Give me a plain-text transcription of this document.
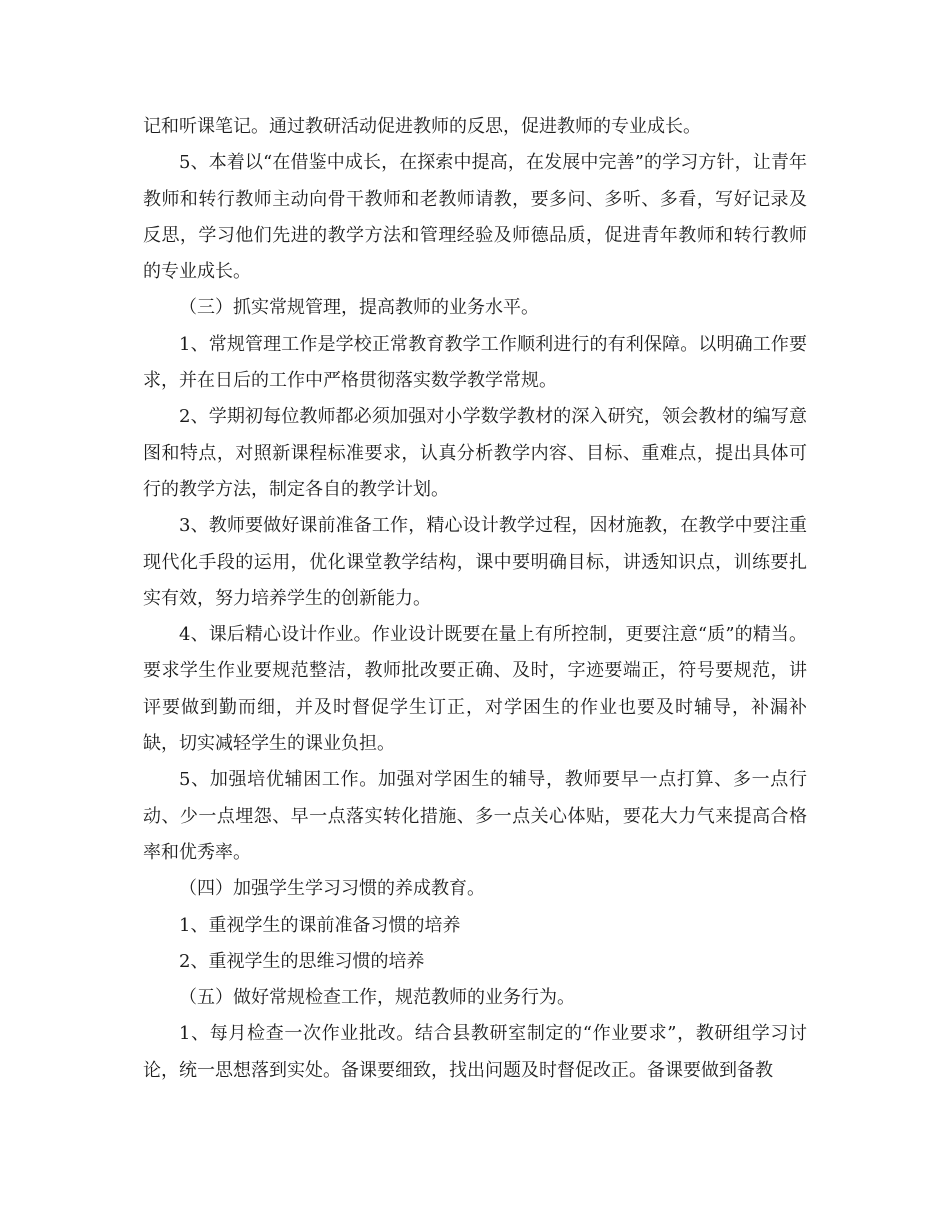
记和听课笔记。通过教研活动促进教师的反思，促进教师的专业成长。

5、本着以“在借鉴中成长，在探索中提高，在发展中完善”的学习方针，让青年教师和转行教师主动向骨干教师和老教师请教，要多问、多听、多看，写好记录及反思，学习他们先进的教学方法和管理经验及师德品质，促进青年教师和转行教师的专业成长。

（三）抓实常规管理，提高教师的业务水平。

1、常规管理工作是学校正常教育教学工作顺利进行的有利保障。以明确工作要求，并在日后的工作中严格贯彻落实数学教学常规。

2、学期初每位教师都必须加强对小学数学教材的深入研究，领会教材的编写意图和特点，对照新课程标准要求，认真分析教学内容、目标、重难点，提出具体可行的教学方法，制定各自的教学计划。

3、教师要做好课前准备工作，精心设计教学过程，因材施教，在教学中要注重现代化手段的运用，优化课堂教学结构，课中要明确目标，讲透知识点，训练要扎实有效，努力培养学生的创新能力。

4、课后精心设计作业。作业设计既要在量上有所控制，更要注意“质”的精当。要求学生作业要规范整洁，教师批改要正确、及时，字迹要端正，符号要规范，讲评要做到勤而细，并及时督促学生订正，对学困生的作业也要及时辅导，补漏补缺，切实减轻学生的课业负担。

5、加强培优辅困工作。加强对学困生的辅导，教师要早一点打算、多一点行动、少一点埋怨、早一点落实转化措施、多一点关心体贴，要花大力气来提高合格率和优秀率。

（四）加强学生学习习惯的养成教育。

1、重视学生的课前准备习惯的培养

2、重视学生的思维习惯的培养

（五）做好常规检查工作，规范教师的业务行为。

1、每月检查一次作业批改。结合县教研室制定的“作业要求”，教研组学习讨论，统一思想落到实处。备课要细致，找出问题及时督促改正。备课要做到备教
